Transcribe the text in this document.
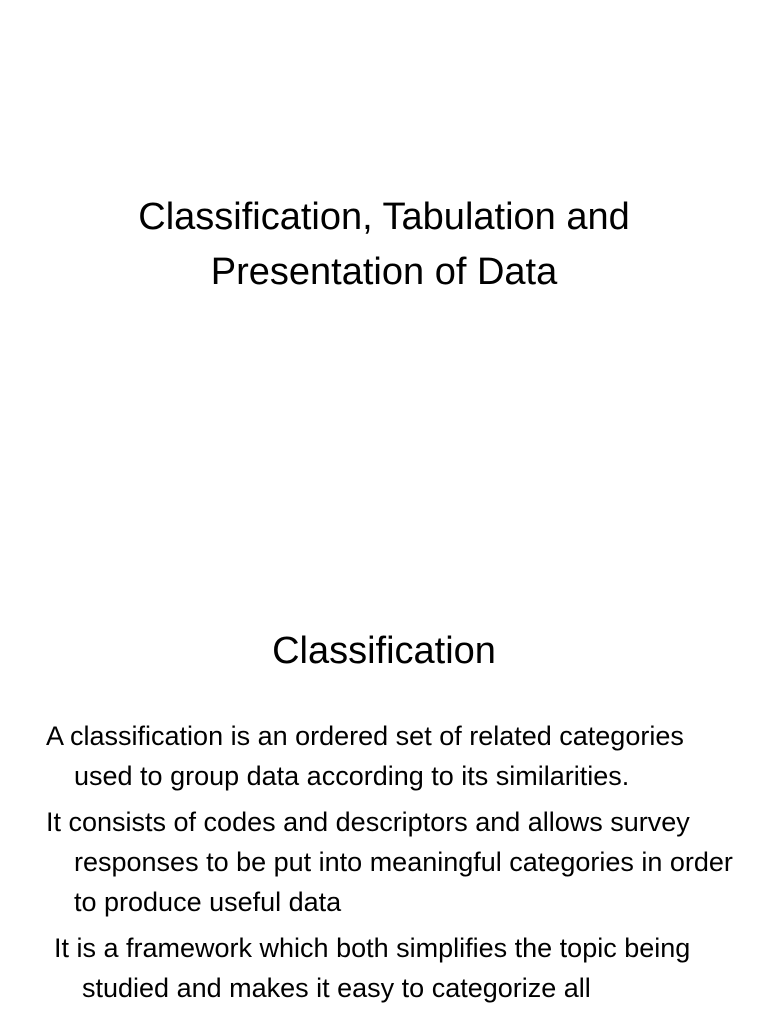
Classification, Tabulation and
Presentation of Data
Classification

A classification is an ordered set of related categories used to group data according to its similarities.

It consists of codes and descriptors and allows survey responses to be put into meaningful categories in order to produce useful data

It is a framework which both simplifies the topic being studied and makes it easy to categorize all
